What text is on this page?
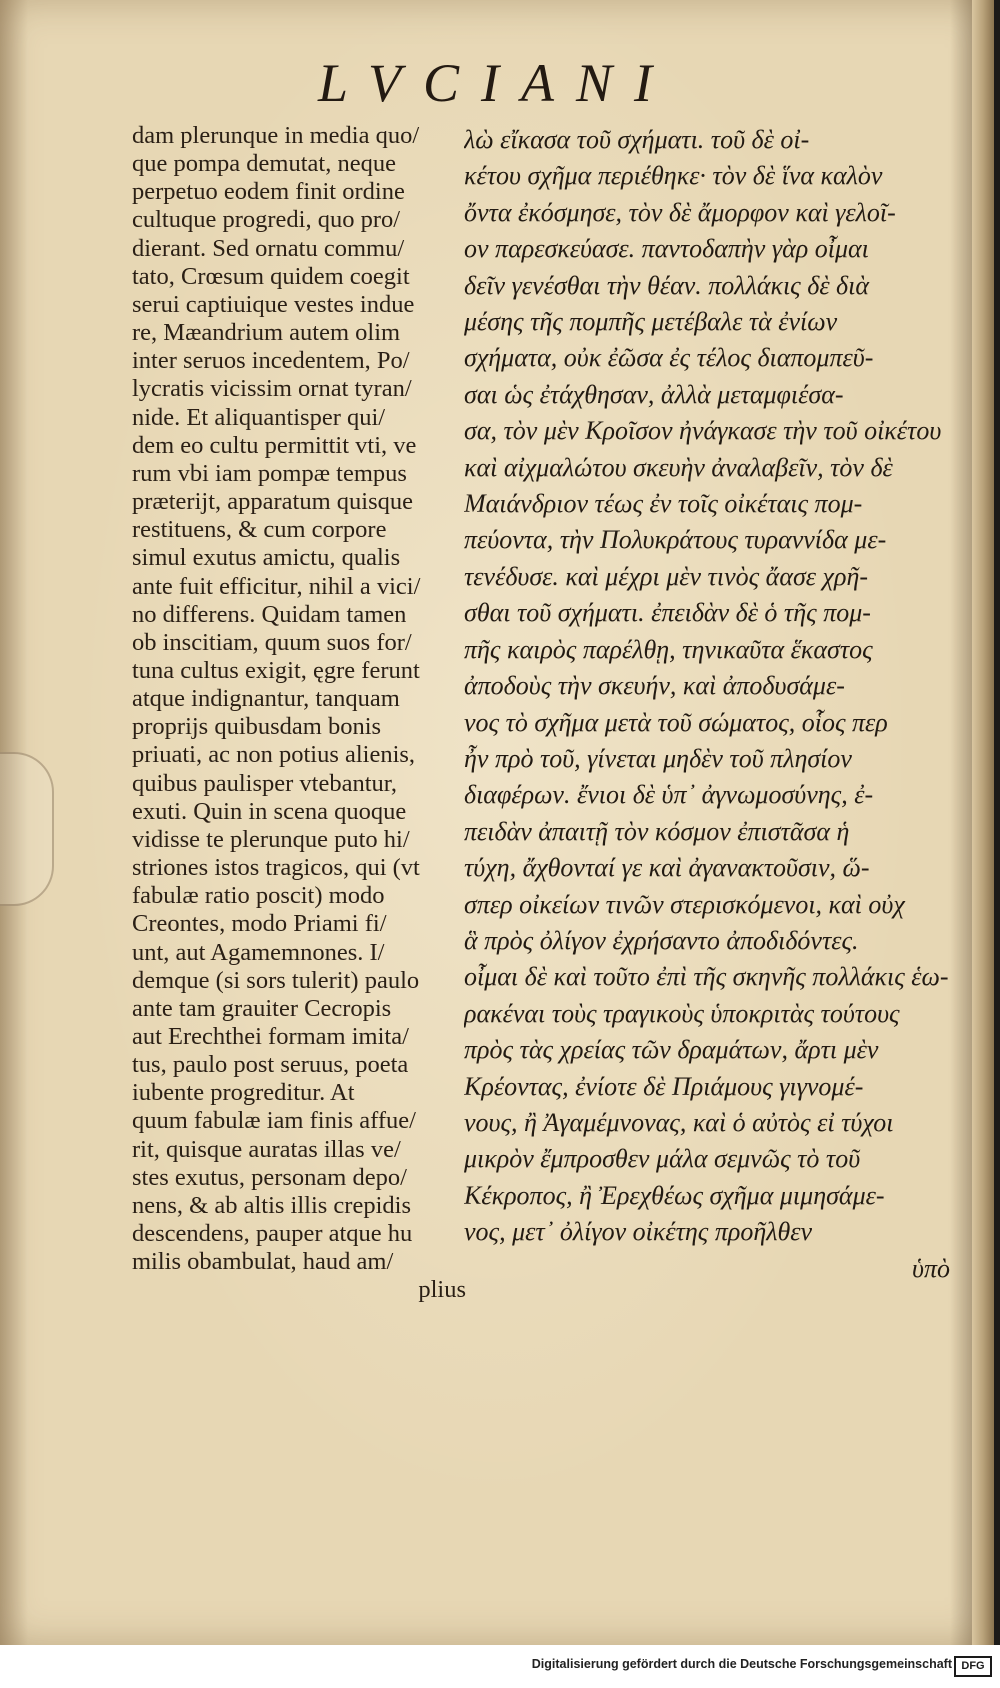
LVCIANI
dam plerunque in media quo/
que pompa demutat, neque
perpetuo eodem finit ordine
cultuque progredi, quo pro/
dierant. Sed ornatu commu/
tato, Crœsum quidem coegit
serui captiuique vestes indue
re, Mæandrium autem olim
inter seruos incedentem, Po/
lycratis vicissim ornat tyran/
nide. Et aliquantisper qui/
dem eo cultu permittit vti, ve
rum vbi iam pompæ tempus
præterijt, apparatum quisque
restituens, & cum corpore
simul exutus amictu, qualis
ante fuit efficitur, nihil a vici/
no differens. Quidam tamen
ob inscitiam, quum suos for/
tuna cultus exigit, ęgre ferunt
atque indignantur, tanquam
proprijs quibusdam bonis
priuati, ac non potius alienis,
quibus paulisper vtebantur,
exuti. Quin in scena quoque
vidisse te plerunque puto hi/
striones istos tragicos, qui (vt
fabulæ ratio poscit) modo
Creontes, modo Priami fi/
unt, aut Agamemnones. I/
demque (si sors tulerit) paulo
ante tam grauiter Cecropis
aut Erechthei formam imita/
tus, paulo post seruus, poeta
iubente progreditur. At
quum fabulæ iam finis affue/
rit, quisque auratas illas ve/
stes exutus, personam depo/
nens, & ab altis illis crepidis
descendens, pauper atque hu
milis obambulat, haud am/
plius
λὼ εἴκασα τοῦ σχήματι. τοῦ δὲ οἰ-
κέτου σχῆμα περιέθηκε· τὸν δὲ ἵνα καλὸν
ὄντα ἐκόσμησε, τὸν δὲ ἄμορφον καὶ γελοῖ-
ον παρεσκεύασε. παντοδαπὴν γὰρ οἶμαι
δεῖν γενέσθαι τὴν θέαν. πολλάκις δὲ διὰ
μέσης τῆς πομπῆς μετέβαλε τὰ ἐνίων
σχήματα, οὐκ ἐῶσα ἐς τέλος διαπομπεῦ-
σαι ὡς ἐτάχθησαν, ἀλλὰ μεταμφιέσα-
σα, τὸν μὲν Κροῖσον ἠνάγκασε τὴν τοῦ οἰκέτου
καὶ αἰχμαλώτου σκευὴν ἀναλαβεῖν, τὸν δὲ
Μαιάνδριον τέως ἐν τοῖς οἰκέταις πομ-
πεύοντα, τὴν Πολυκράτους τυραννίδα με-
τενέδυσε. καὶ μέχρι μὲν τινὸς ἄασε χρῆ-
σθαι τοῦ σχήματι. ἐπειδὰν δὲ ὁ τῆς πομ-
πῆς καιρὸς παρέλθῃ, τηνικαῦτα ἕκαστος
ἀποδοὺς τὴν σκευήν, καὶ ἀποδυσάμε-
νος τὸ σχῆμα μετὰ τοῦ σώματος, οἷος περ
ἦν πρὸ τοῦ, γίνεται μηδὲν τοῦ πλησίον
διαφέρων. ἔνιοι δὲ ὑπ᾽ ἀγνωμοσύνης, ἐ-
πειδὰν ἀπαιτῇ τὸν κόσμον ἐπιστᾶσα ἡ
τύχη, ἄχθονταί γε καὶ ἀγανακτοῦσιν, ὥ-
σπερ οἰκείων τινῶν στερισκόμενοι, καὶ οὐχ
ἃ πρὸς ὀλίγον ἐχρήσαντο ἀποδιδόντες.
οἶμαι δὲ καὶ τοῦτο ἐπὶ τῆς σκηνῆς πολλάκις ἑω-
ρακέναι τοὺς τραγικοὺς ὑποκριτὰς τούτους
πρὸς τὰς χρείας τῶν δραμάτων, ἄρτι μὲν
Κρέοντας, ἐνίοτε δὲ Πριάμους γιγνομέ-
νους, ἢ Ἀγαμέμνονας, καὶ ὁ αὐτὸς εἰ τύχοι
μικρὸν ἔμπροσθεν μάλα σεμνῶς τὸ τοῦ
Κέκροπος, ἢ Ἐρεχθέως σχῆμα μιμησάμε-
νος, μετ᾽ ὀλίγον οἰκέτης προῆλθεν
ὑπὸ
Digitalisierung gefördert durch die Deutsche Forschungsgemeinschaft DFG
